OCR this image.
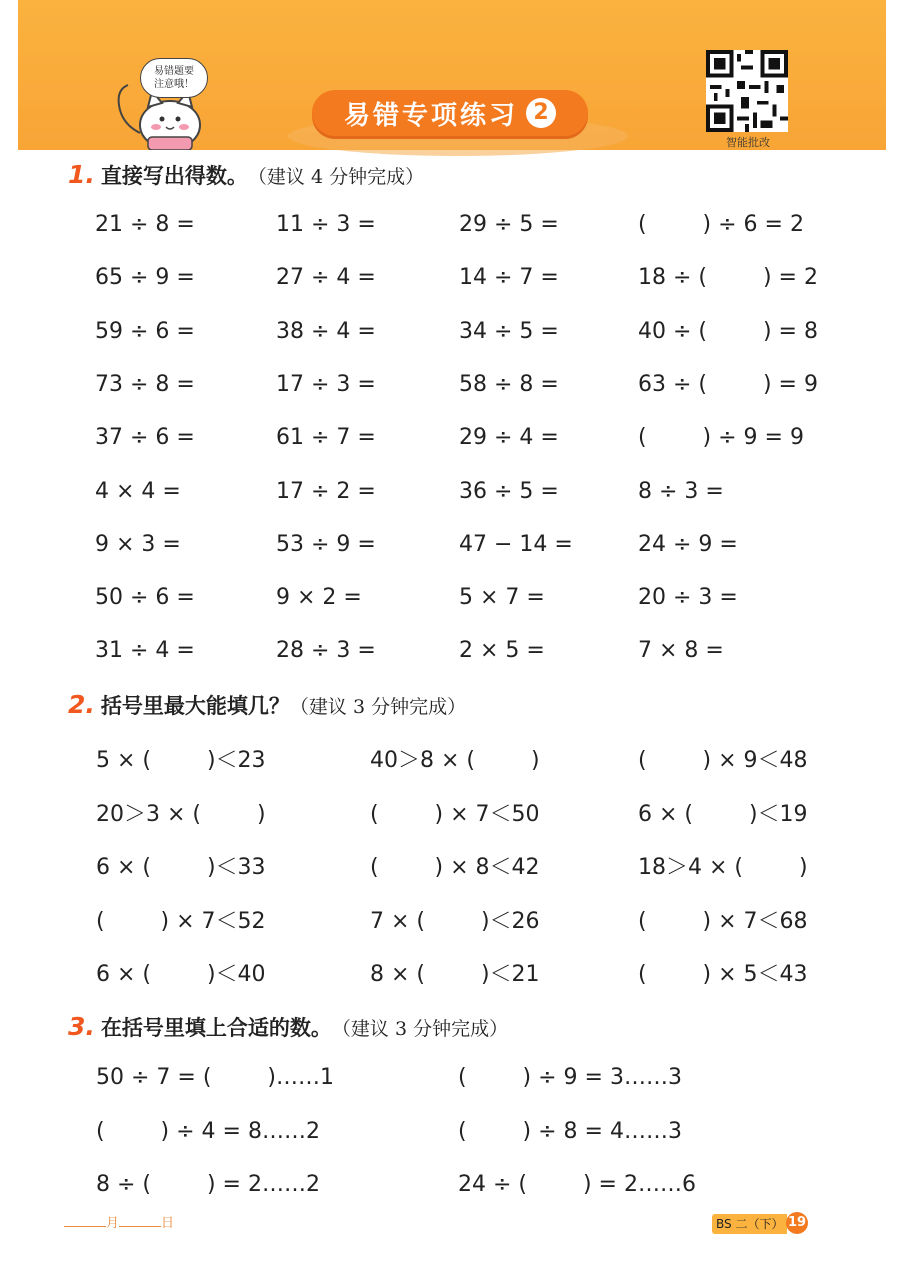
易错题要
注意哦！
易错专项练习 2
智能批改
1. 直接写出得数。 （建议 4 分钟完成）
2. 括号里最大能填几？ （建议 3 分钟完成）
3. 在括号里填上合适的数。 （建议 3 分钟完成）
21 ÷ 8 =
65 ÷ 9 =
59 ÷ 6 =
73 ÷ 8 =
37 ÷ 6 =
4 × 4 =
9 × 3 =
50 ÷ 6 =
31 ÷ 4 =
11 ÷ 3 =
27 ÷ 4 =
38 ÷ 4 =
17 ÷ 3 =
61 ÷ 7 =
17 ÷ 2 =
53 ÷ 9 =
9 × 2 =
28 ÷ 3 =
29 ÷ 5 =
14 ÷ 7 =
34 ÷ 5 =
58 ÷ 8 =
29 ÷ 4 =
36 ÷ 5 =
47 − 14 =
5 × 7 =
2 × 5 =
(        ) ÷ 6 = 2
18 ÷ (        ) = 2
40 ÷ (        ) = 8
63 ÷ (        ) = 9
(        ) ÷ 9 = 9
8 ÷ 3 =
24 ÷ 9 =
20 ÷ 3 =
7 × 8 =
5 × (        )＜23
20＞3 × (        )
6 × (        )＜33
(        ) × 7＜52
6 × (        )＜40
40＞8 × (        )
(        ) × 7＜50
(        ) × 8＜42
7 × (        )＜26
8 × (        )＜21
(        ) × 9＜48
6 × (        )＜19
18＞4 × (        )
(        ) × 7＜68
(        ) × 5＜43
50 ÷ 7 = (        )……1
(        ) ÷ 4 = 8……2
8 ÷ (        ) = 2……2
(        ) ÷ 9 = 3……3
(        ) ÷ 8 = 4……3
24 ÷ (        ) = 2……6
月	日	BS 二（下） 19
